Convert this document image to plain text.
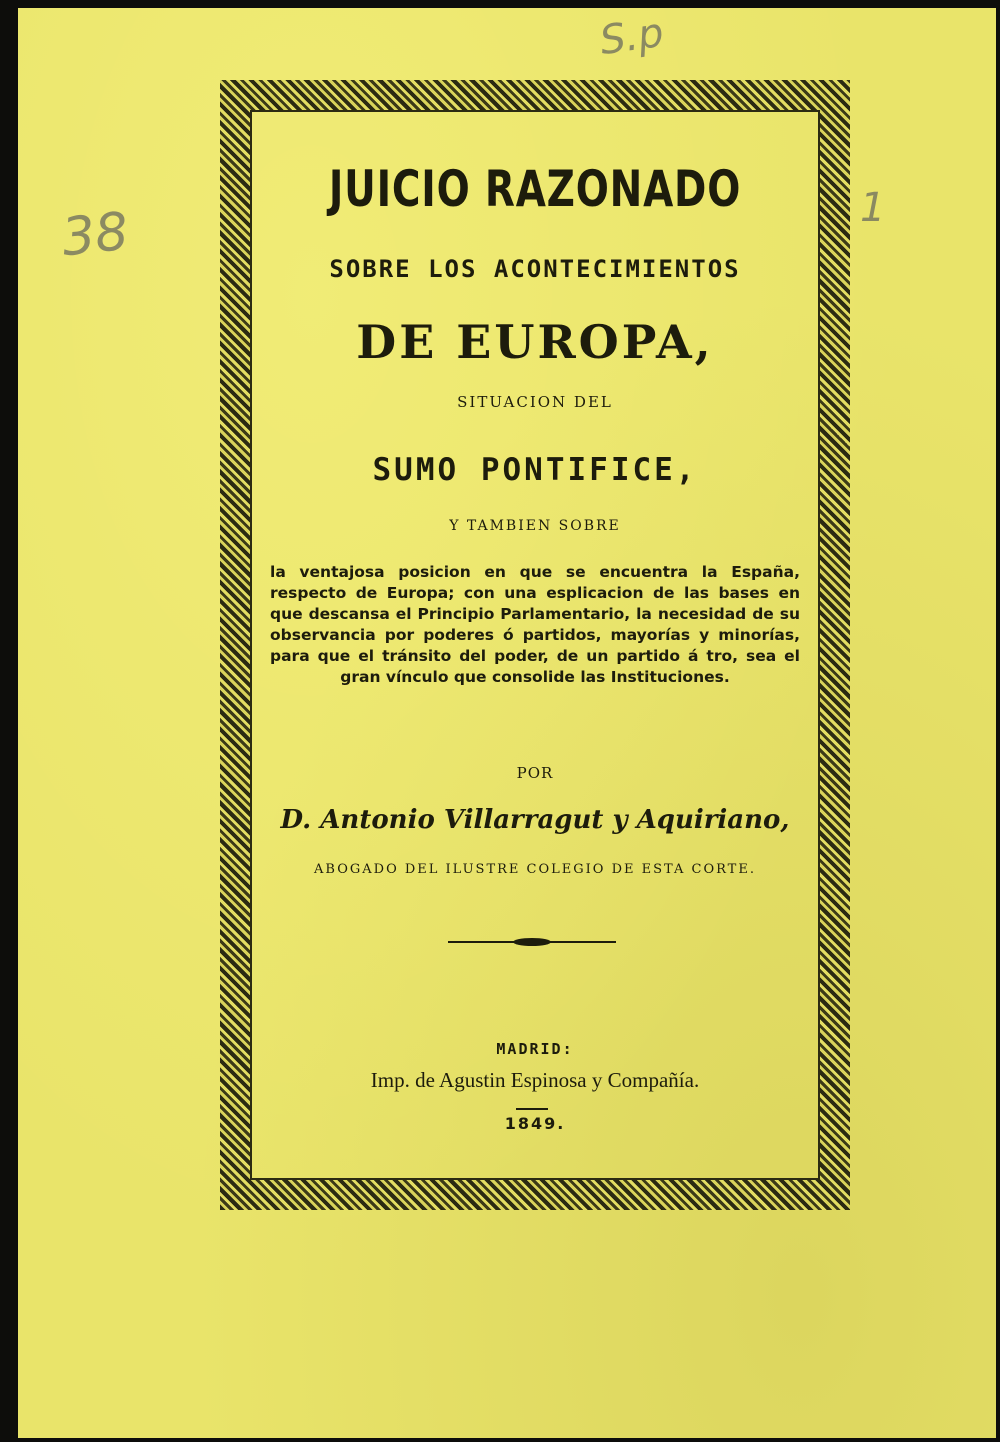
S.p
38	1
JUICIO RAZONADO

SOBRE LOS ACONTECIMIENTOS

DE EUROPA,

SITUACION DEL

SUMO PONTIFICE,

Y TAMBIEN SOBRE

la ventajosa posicion en que se encuentra la España, respecto de Europa; con una esplicacion de las bases en que descansa el Principio Parlamentario, la necesidad de su observancia por poderes ó partidos, mayorías y minorías, para que el tránsito del poder, de un partido á tro, sea el gran vínculo que consolide las Instituciones.

POR

D. Antonio Villarragut y Aquiriano,

ABOGADO DEL ILUSTRE COLEGIO DE ESTA CORTE.

MADRID:

Imp. de Agustin Espinosa y Compañía.

1849.
